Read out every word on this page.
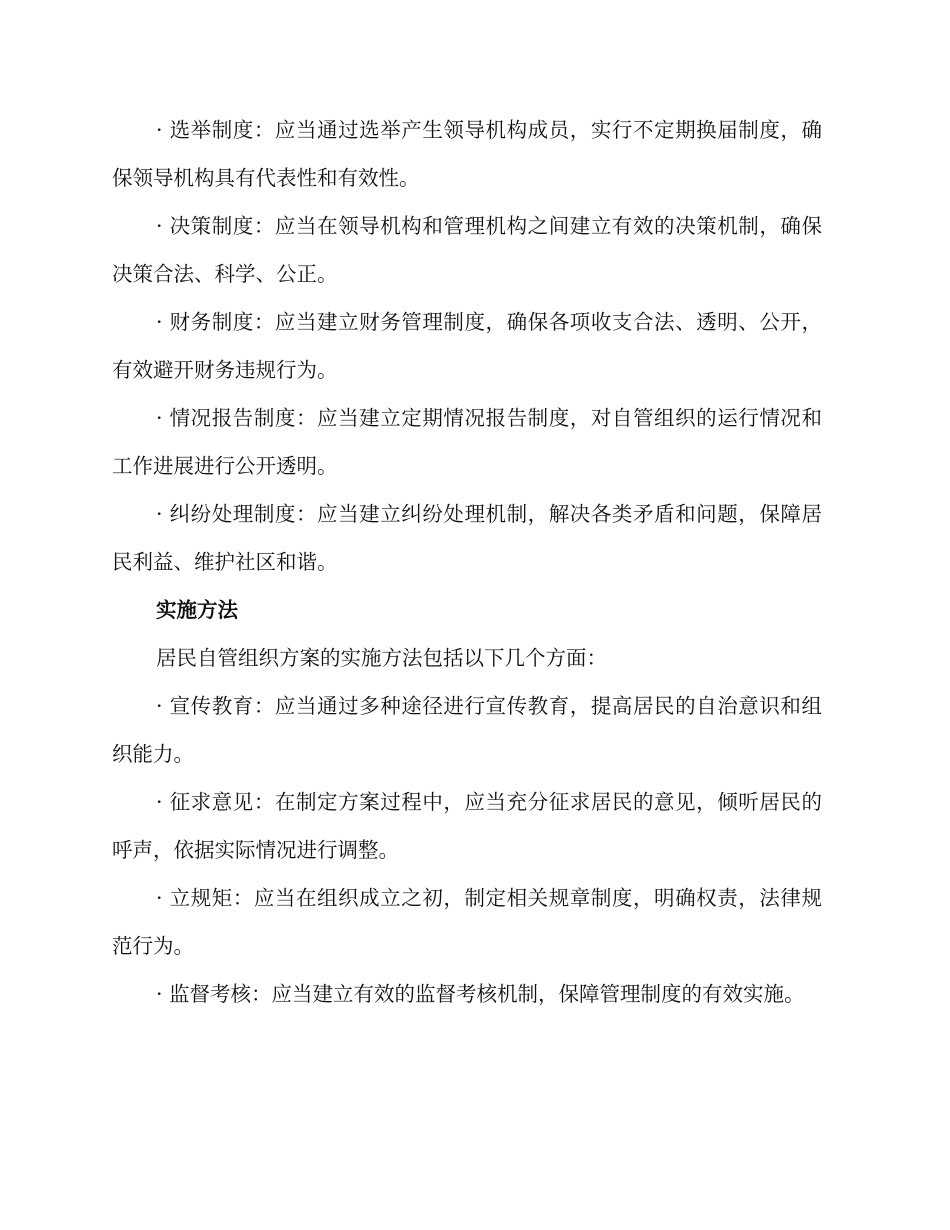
· 选举制度：应当通过选举产生领导机构成员，实行不定期换届制度，确保领导机构具有代表性和有效性。

· 决策制度：应当在领导机构和管理机构之间建立有效的决策机制，确保决策合法、科学、公正。

· 财务制度：应当建立财务管理制度，确保各项收支合法、透明、公开，有效避开财务违规行为。

· 情况报告制度：应当建立定期情况报告制度，对自管组织的运行情况和工作进展进行公开透明。

· 纠纷处理制度：应当建立纠纷处理机制，解决各类矛盾和问题，保障居民利益、维护社区和谐。

实施方法

居民自管组织方案的实施方法包括以下几个方面：

· 宣传教育：应当通过多种途径进行宣传教育，提高居民的自治意识和组织能力。

· 征求意见：在制定方案过程中，应当充分征求居民的意见，倾听居民的呼声，依据实际情况进行调整。

· 立规矩：应当在组织成立之初，制定相关规章制度，明确权责，法律规范行为。

· 监督考核：应当建立有效的监督考核机制，保障管理制度的有效实施。
